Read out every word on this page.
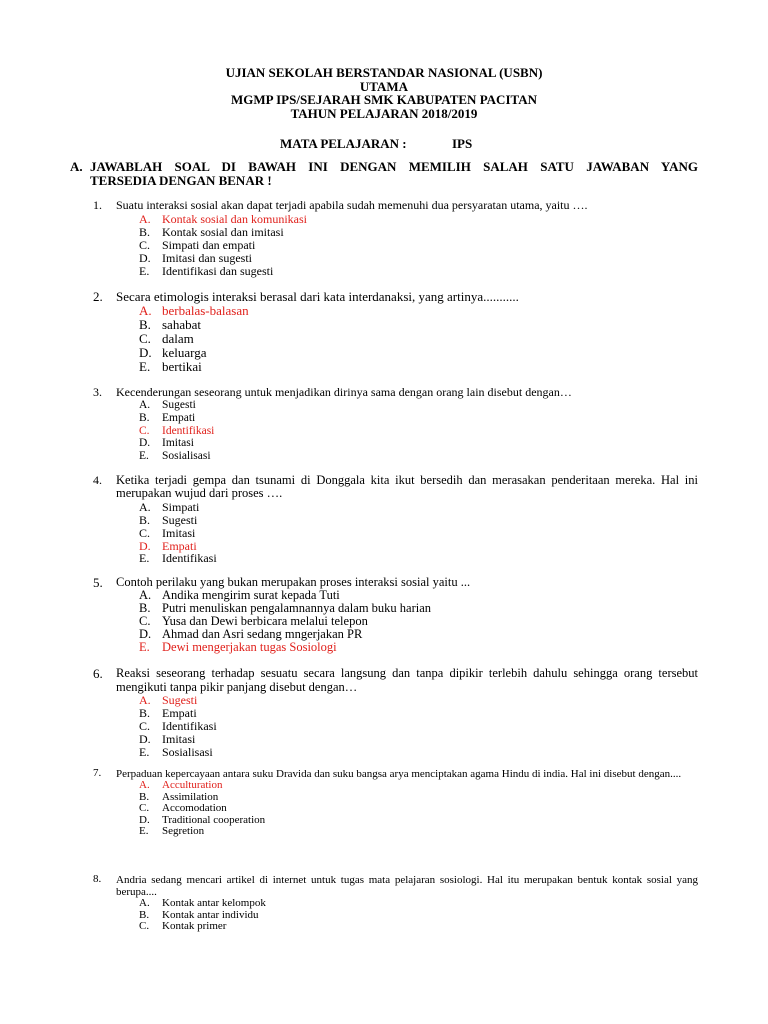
UJIAN SEKOLAH BERSTANDAR NASIONAL (USBN)
UTAMA
MGMP IPS/SEJARAH SMK KABUPATEN PACITAN
TAHUN PELAJARAN 2018/2019
MATA PELAJARAN :	IPS
A. JAWABLAH SOAL DI BAWAH INI DENGAN MEMILIH SALAH SATU JAWABAN YANG
TERSEDIA DENGAN BENAR !
1. Suatu interaksi sosial akan dapat terjadi apabila sudah memenuhi dua persyaratan utama, yaitu ….
A. Kontak sosial dan komunikasi
B. Kontak sosial dan imitasi
C. Simpati dan empati
D. Imitasi dan sugesti
E. Identifikasi dan sugesti
2. Secara etimologis interaksi berasal dari kata interdanaksi, yang artinya...........
A. berbalas-balasan
B. sahabat
C. dalam
D. keluarga
E. bertikai
3. Kecenderungan seseorang untuk menjadikan dirinya sama dengan orang lain disebut dengan…
A. Sugesti
B. Empati
C. Identifikasi
D. Imitasi
E. Sosialisasi
4. Ketika terjadi gempa dan tsunami di Donggala kita ikut bersedih dan merasakan penderitaan mereka. Hal ini merupakan wujud dari proses ….
A. Simpati
B. Sugesti
C. Imitasi
D. Empati
E. Identifikasi
5. Contoh perilaku yang bukan merupakan proses interaksi sosial yaitu ...
A. Andika mengirim surat kepada Tuti
B. Putri menuliskan pengalamnannya dalam buku harian
C. Yusa dan Dewi berbicara melalui telepon
D. Ahmad dan Asri sedang mngerjakan PR
E. Dewi mengerjakan tugas Sosiologi
6. Reaksi seseorang terhadap sesuatu secara langsung dan tanpa dipikir terlebih dahulu sehingga orang tersebut mengikuti tanpa pikir panjang disebut dengan…
A. Sugesti
B. Empati
C. Identifikasi
D. Imitasi
E. Sosialisasi
7. Perpaduan kepercayaan antara suku Dravida dan suku bangsa arya menciptakan agama Hindu di india. Hal ini disebut dengan....
A. Acculturation
B. Assimilation
C. Accomodation
D. Traditional cooperation
E. Segretion
8. Andria sedang mencari artikel di internet untuk tugas mata pelajaran sosiologi. Hal itu merupakan bentuk kontak sosial yang berupa....
A. Kontak antar kelompok
B. Kontak antar individu
C. Kontak primer
